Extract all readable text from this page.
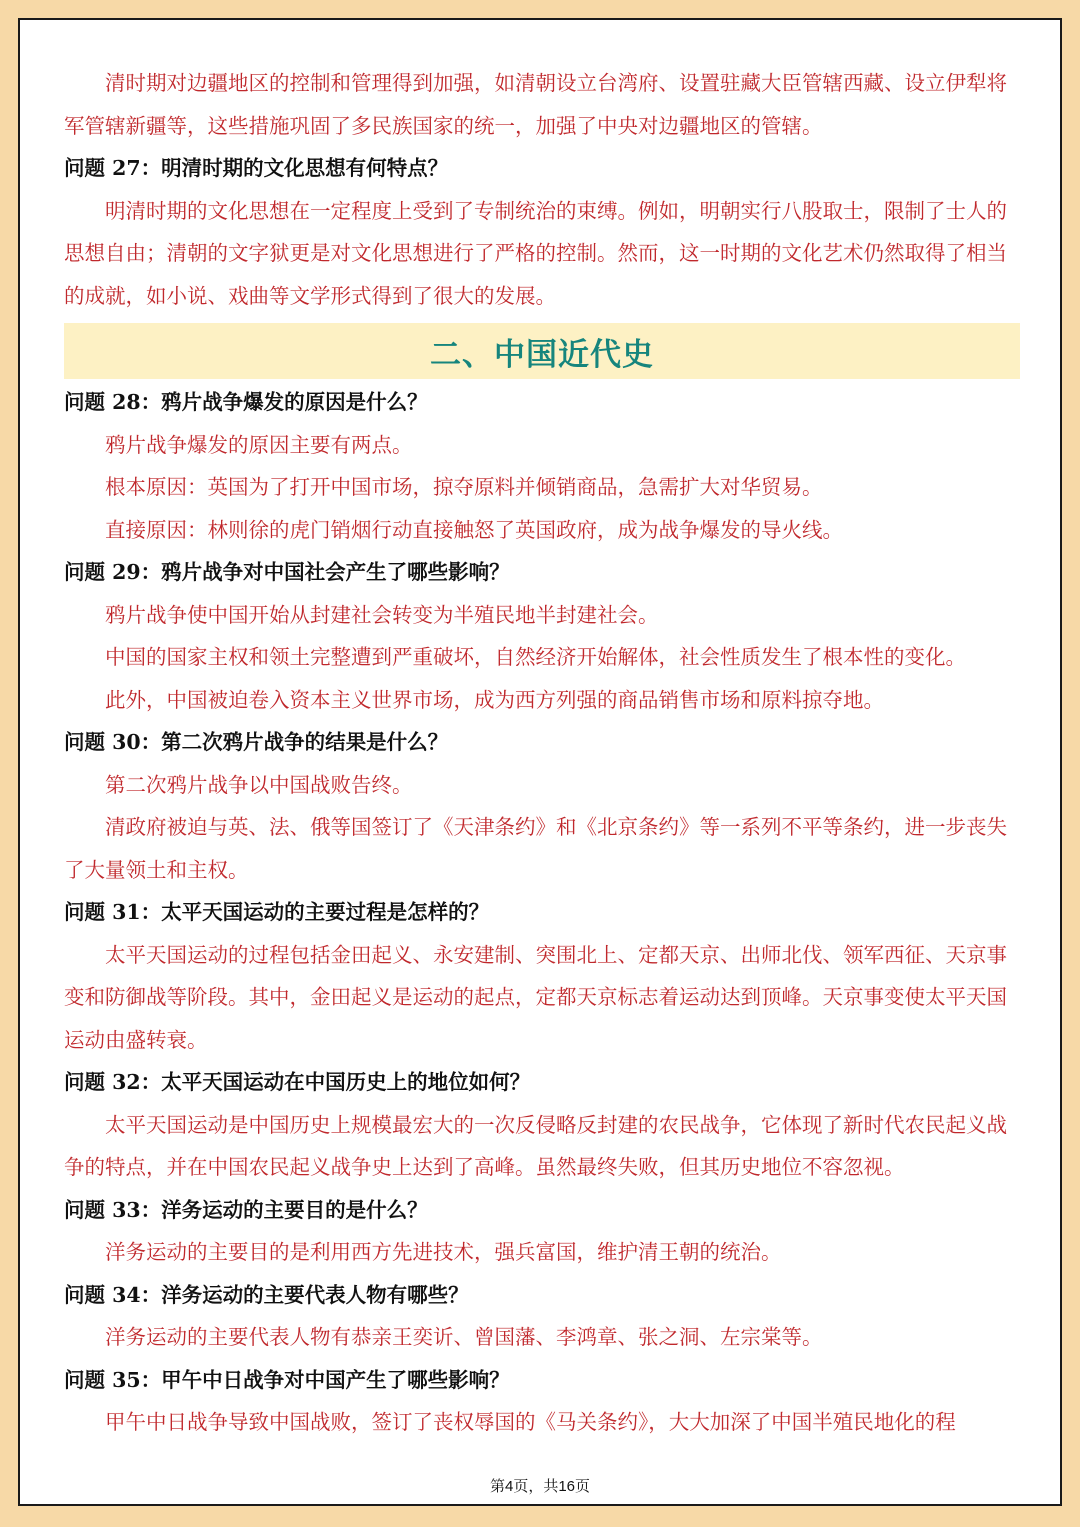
清时期对边疆地区的控制和管理得到加强，如清朝设立台湾府、设置驻藏大臣管辖西藏、设立伊犁将军管辖新疆等，这些措施巩固了多民族国家的统一，加强了中央对边疆地区的管辖。

问题 27：明清时期的文化思想有何特点？

明清时期的文化思想在一定程度上受到了专制统治的束缚。例如，明朝实行八股取士，限制了士人的思想自由；清朝的文字狱更是对文化思想进行了严格的控制。然而，这一时期的文化艺术仍然取得了相当的成就，如小说、戏曲等文学形式得到了很大的发展。

二、中国近代史

问题 28：鸦片战争爆发的原因是什么？

鸦片战争爆发的原因主要有两点。

根本原因：英国为了打开中国市场，掠夺原料并倾销商品，急需扩大对华贸易。

直接原因：林则徐的虎门销烟行动直接触怒了英国政府，成为战争爆发的导火线。

问题 29：鸦片战争对中国社会产生了哪些影响？

鸦片战争使中国开始从封建社会转变为半殖民地半封建社会。

中国的国家主权和领土完整遭到严重破坏，自然经济开始解体，社会性质发生了根本性的变化。

此外，中国被迫卷入资本主义世界市场，成为西方列强的商品销售市场和原料掠夺地。

问题 30：第二次鸦片战争的结果是什么？

第二次鸦片战争以中国战败告终。

清政府被迫与英、法、俄等国签订了《天津条约》和《北京条约》等一系列不平等条约，进一步丧失了大量领土和主权。

问题 31：太平天国运动的主要过程是怎样的？

太平天国运动的过程包括金田起义、永安建制、突围北上、定都天京、出师北伐、领军西征、天京事变和防御战等阶段。其中，金田起义是运动的起点，定都天京标志着运动达到顶峰。天京事变使太平天国运动由盛转衰。

问题 32：太平天国运动在中国历史上的地位如何？

太平天国运动是中国历史上规模最宏大的一次反侵略反封建的农民战争，它体现了新时代农民起义战争的特点，并在中国农民起义战争史上达到了高峰。虽然最终失败，但其历史地位不容忽视。

问题 33：洋务运动的主要目的是什么？

洋务运动的主要目的是利用西方先进技术，强兵富国，维护清王朝的统治。

问题 34：洋务运动的主要代表人物有哪些？

洋务运动的主要代表人物有恭亲王奕䜣、曾国藩、李鸿章、张之洞、左宗棠等。

问题 35：甲午中日战争对中国产生了哪些影响？

甲午中日战争导致中国战败，签订了丧权辱国的《马关条约》，大大加深了中国半殖民地化的程

第4页，共16页
